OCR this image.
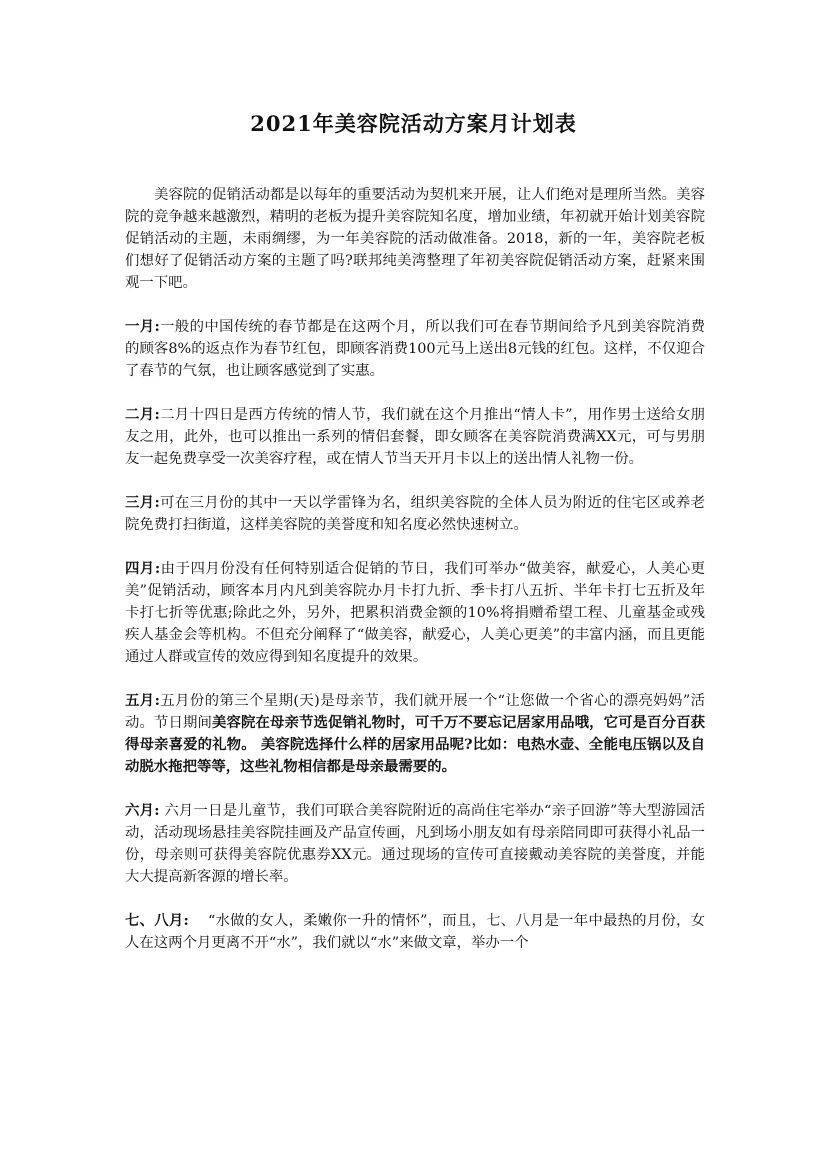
2021年美容院活动方案月计划表

美容院的促销活动都是以每年的重要活动为契机来开展，让人们绝对是理所当然。美容院的竞争越来越激烈，精明的老板为提升美容院知名度，增加业绩，年初就开始计划美容院促销活动的主题，未雨绸缪，为一年美容院的活动做准备。2018，新的一年，美容院老板们想好了促销活动方案的主题了吗?联邦纯美湾整理了年初美容院促销活动方案，赶紧来围观一下吧。

一月:一般的中国传统的春节都是在这两个月，所以我们可在春节期间给予凡到美容院消费的顾客8%的返点作为春节红包，即顾客消费100元马上送出8元钱的红包。这样，不仅迎合了春节的气氛，也让顾客感觉到了实惠。

二月:二月十四日是西方传统的情人节，我们就在这个月推出“情人卡”，用作男士送给女朋友之用，此外，也可以推出一系列的情侣套餐，即女顾客在美容院消费满XX元，可与男朋友一起免费享受一次美容疗程，或在情人节当天开月卡以上的送出情人礼物一份。

三月:可在三月份的其中一天以学雷锋为名，组织美容院的全体人员为附近的住宅区或养老院免费打扫街道，这样美容院的美誉度和知名度必然快速树立。

四月:由于四月份没有任何特别适合促销的节日，我们可举办“做美容，献爱心，人美心更美”促销活动，顾客本月内凡到美容院办月卡打九折、季卡打八五折、半年卡打七五折及年卡打七折等优惠;除此之外，另外，把累积消费金额的10%将捐赠希望工程、儿童基金或残疾人基金会等机构。不但充分阐释了“做美容，献爱心，人美心更美”的丰富内涵，而且更能通过人群或宣传的效应得到知名度提升的效果。

五月:五月份的第三个星期(天)是母亲节，我们就开展一个“让您做一个省心的漂亮妈妈”活动。节日期间美容院在母亲节选促销礼物时，可千万不要忘记居家用品哦，它可是百分百获得母亲喜爱的礼物。 美容院选择什么样的居家用品呢?比如：电热水壶、全能电压锅以及自动脱水拖把等等，这些礼物相信都是母亲最需要的。

六月: 六月一日是儿童节，我们可联合美容院附近的高尚住宅举办“亲子回游”等大型游园活动，活动现场悬挂美容院挂画及产品宣传画，凡到场小朋友如有母亲陪同即可获得小礼品一份，母亲则可获得美容院优惠券XX元。通过现场的宣传可直接戴动美容院的美誉度，并能大大提高新客源的增长率。

七、八月:    “水做的女人，柔嫩你一升的情怀”，而且，七、八月是一年中最热的月份，女人在这两个月更离不开“水”，我们就以“水”来做文章，举办一个
